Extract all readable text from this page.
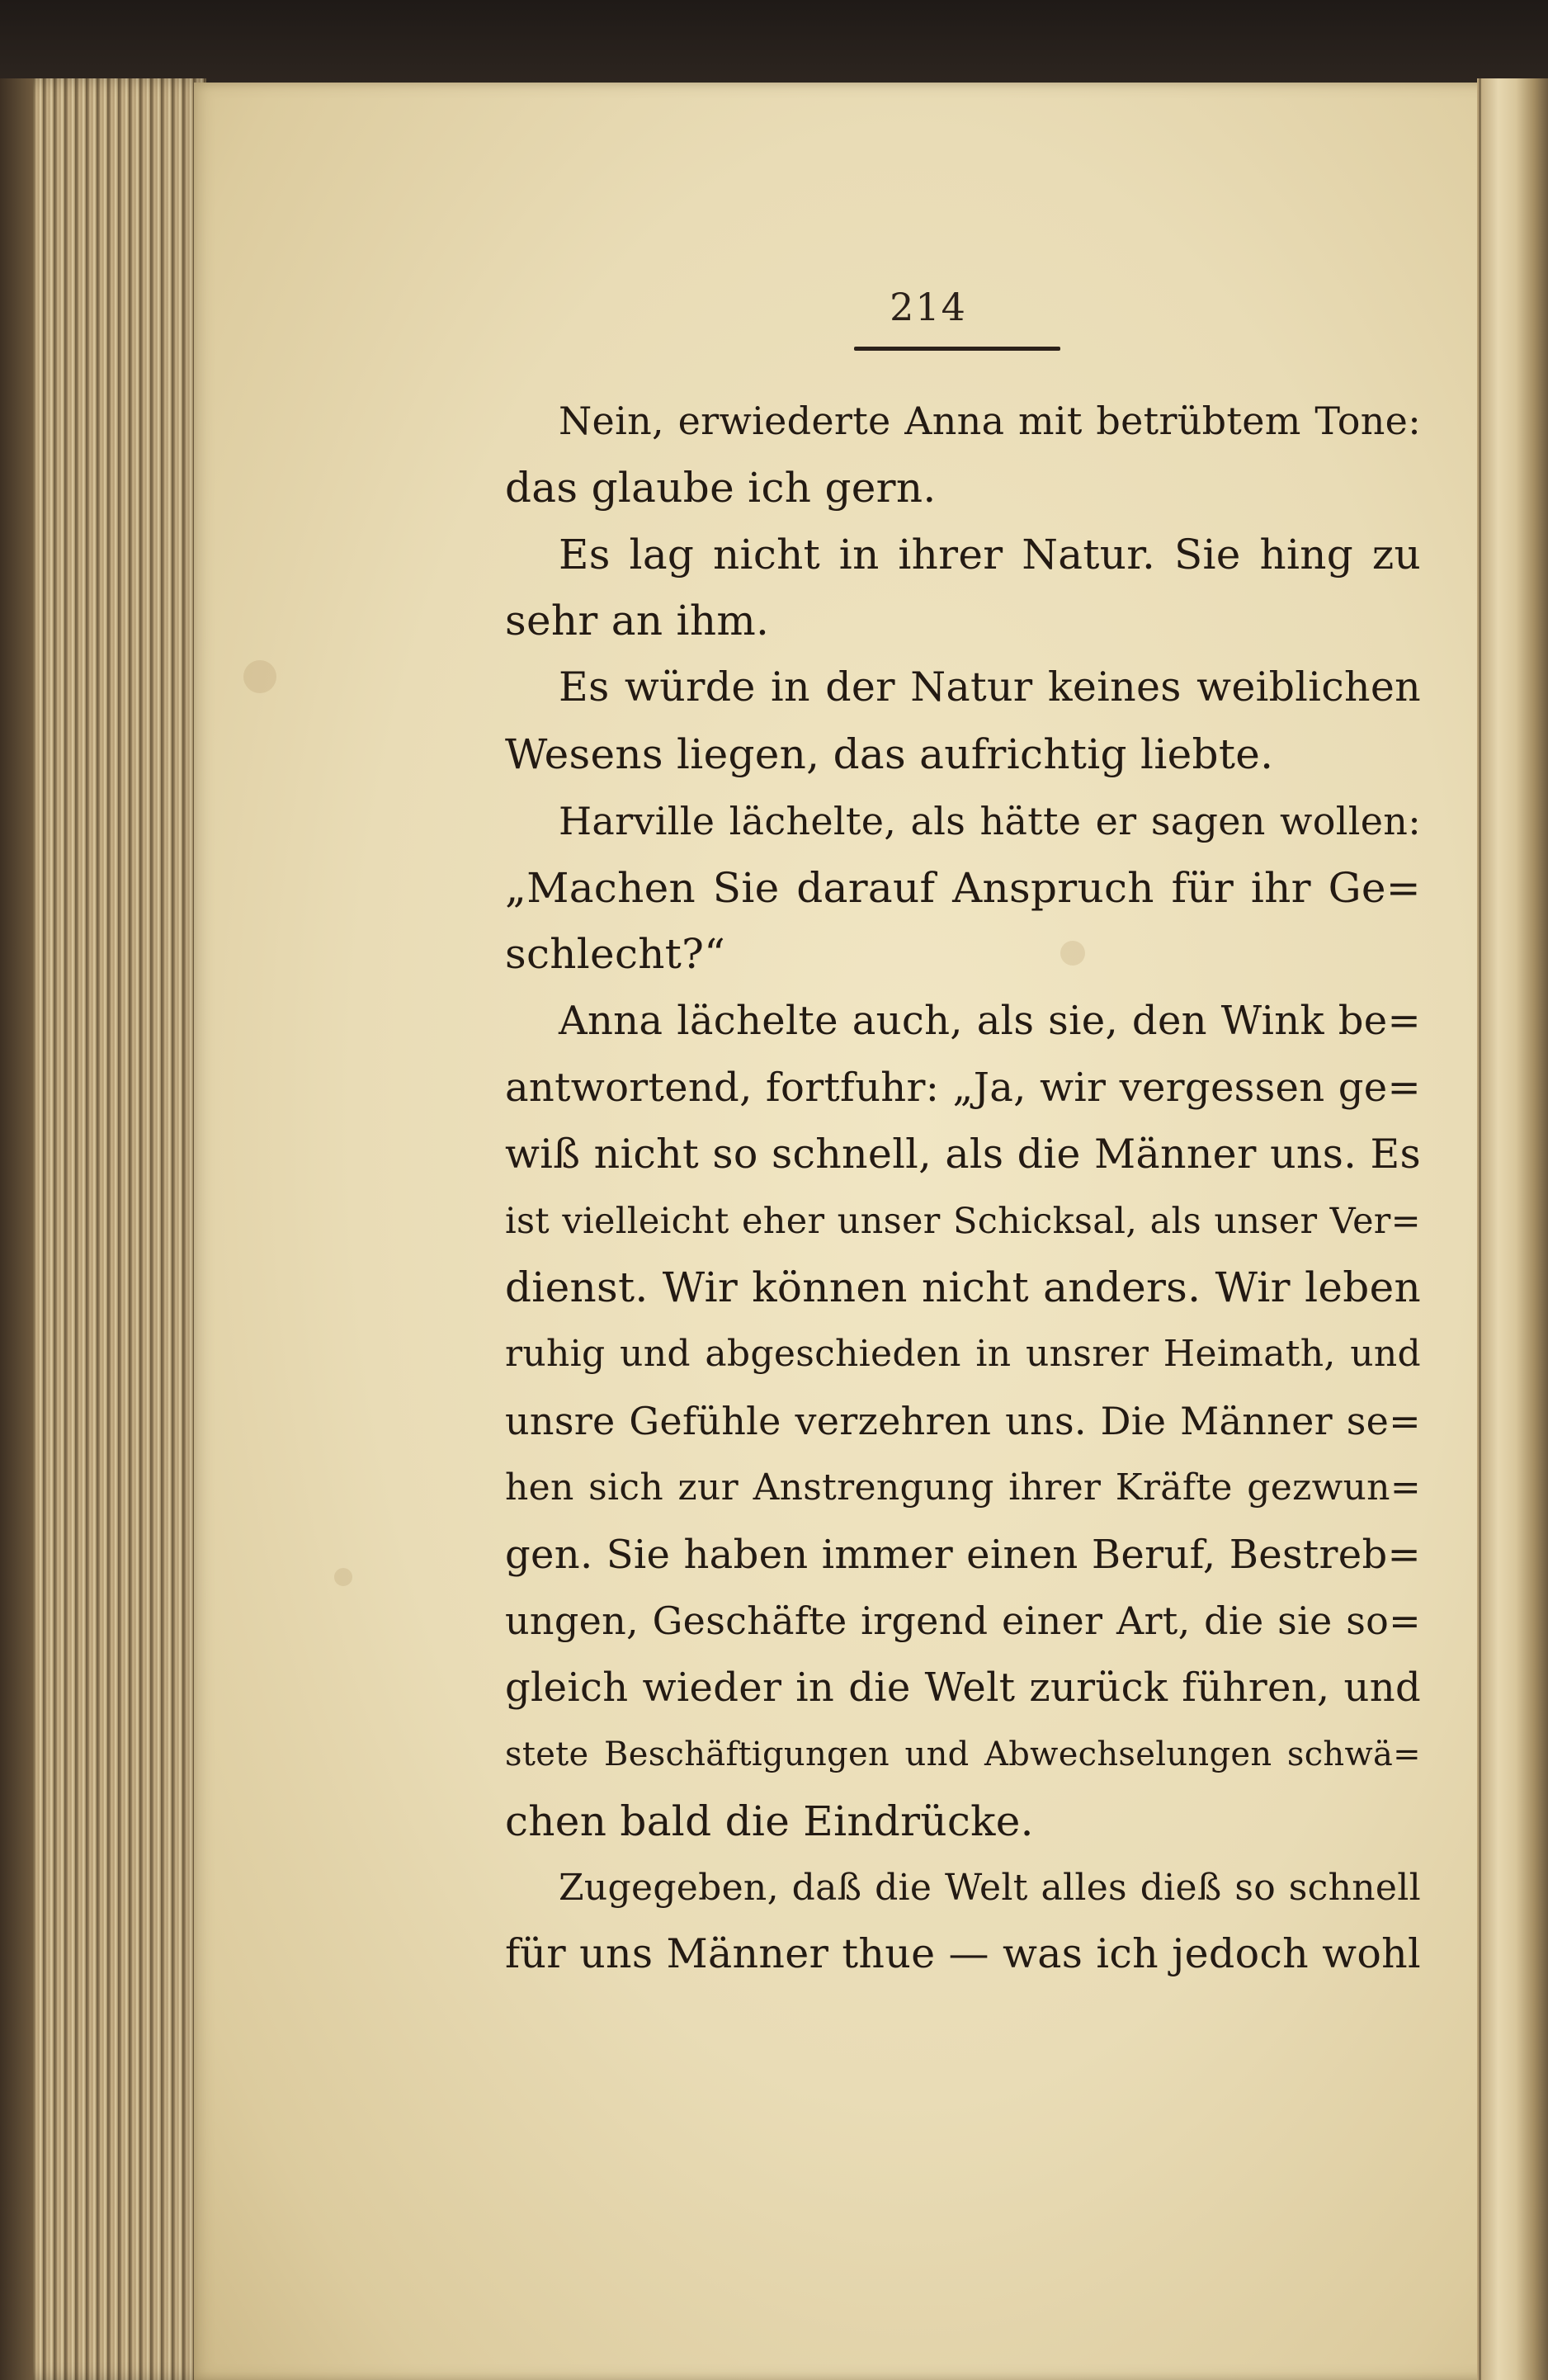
214
Nein, erwiederte Anna mit betrübtem Tone:
das glaube ich gern.
Es lag nicht in ihrer Natur. Sie hing zu
sehr an ihm.
Es würde in der Natur keines weiblichen
Wesens liegen, das aufrichtig liebte.
Harville lächelte, als hätte er sagen wollen:
„Machen Sie darauf Anspruch für ihr Ge=
schlecht?“
Anna lächelte auch, als sie, den Wink be=
antwortend, fortfuhr: „Ja, wir vergessen ge=
wiß nicht so schnell, als die Männer uns. Es
ist vielleicht eher unser Schicksal, als unser Ver=
dienst. Wir können nicht anders. Wir leben
ruhig und abgeschieden in unsrer Heimath, und
unsre Gefühle verzehren uns. Die Männer se=
hen sich zur Anstrengung ihrer Kräfte gezwun=
gen. Sie haben immer einen Beruf, Bestreb=
ungen, Geschäfte irgend einer Art, die sie so=
gleich wieder in die Welt zurück führen, und
stete Beschäftigungen und Abwechselungen schwä=
chen bald die Eindrücke.
Zugegeben, daß die Welt alles dieß so schnell
für uns Männer thue — was ich jedoch wohl
